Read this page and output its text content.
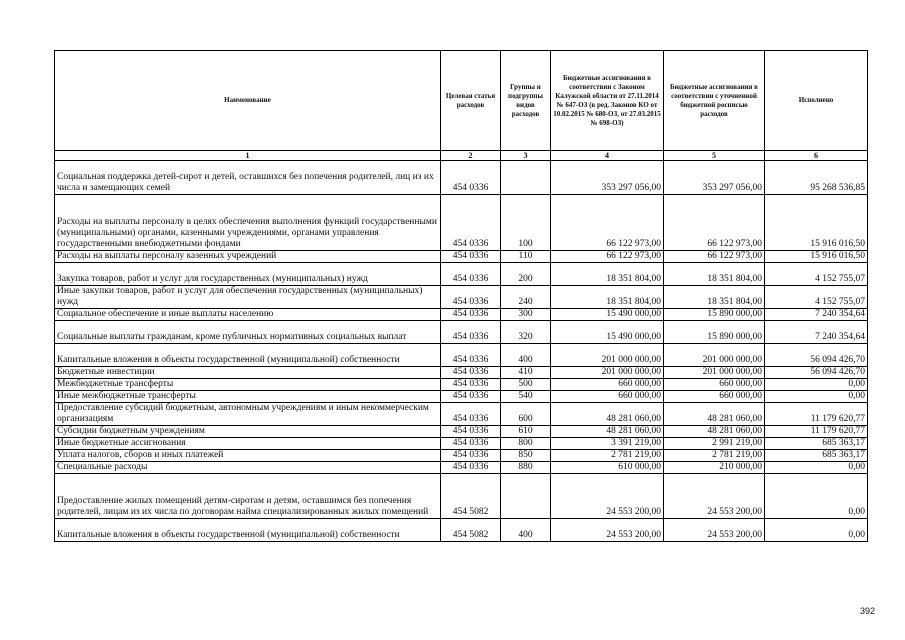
Наименование	Целевая статья расходов	Группы и подгруппы видов расходов	Бюджетные ассигнования в соответствии с Законом Калужской области от 27.11.2014 № 647-ОЗ (в ред. Законов КО от 10.02.2015 № 680-ОЗ, от 27.03.2015 № 698-ОЗ)	Бюджетные ассигнования в соответствии с уточненной бюджетной росписью расходов	Исполнено
1	2	3	4	5	6
Социальная поддержка детей-сирот и детей, оставшихся без попечения родителей, лиц из их числа и замещающих семей	454 0336		353 297 056,00	353 297 056,00	95 268 536,85
Расходы на выплаты персоналу в целях обеспечения выполнения функций государственными (муниципальными) органами, казенными учреждениями, органами управления государственными внебюджетными фондами	454 0336	100	66 122 973,00	66 122 973,00	15 916 016,50
Расходы на выплаты персоналу казенных учреждений	454 0336	110	66 122 973,00	66 122 973,00	15 916 016,50
Закупка товаров, работ и услуг для государственных (муниципальных) нужд	454 0336	200	18 351 804,00	18 351 804,00	4 152 755,07
Иные закупки товаров, работ и услуг для обеспечения государственных (муниципальных) нужд	454 0336	240	18 351 804,00	18 351 804,00	4 152 755,07
Социальное обеспечение и иные выплаты населению	454 0336	300	15 490 000,00	15 890 000,00	7 240 354,64
Социальные выплаты гражданам, кроме публичных нормативных социальных выплат	454 0336	320	15 490 000,00	15 890 000,00	7 240 354,64
Капитальные вложения в объекты государственной (муниципальной) собственности	454 0336	400	201 000 000,00	201 000 000,00	56 094 426,70
Бюджетные инвестиции	454 0336	410	201 000 000,00	201 000 000,00	56 094 426,70
Межбюджетные трансферты	454 0336	500	660 000,00	660 000,00	0,00
Иные межбюджетные трансферты	454 0336	540	660 000,00	660 000,00	0,00
Предоставление субсидий бюджетным, автономным учреждениям и иным некоммерческим организациям	454 0336	600	48 281 060,00	48 281 060,00	11 179 620,77
Субсидии бюджетным учреждениям	454 0336	610	48 281 060,00	48 281 060,00	11 179 620,77
Иные бюджетные ассигнования	454 0336	800	3 391 219,00	2 991 219,00	685 363,17
Уплата налогов, сборов и иных платежей	454 0336	850	2 781 219,00	2 781 219,00	685 363,17
Специальные расходы	454 0336	880	610 000,00	210 000,00	0,00
Предоставление жилых помещений детям-сиротам и детям, оставшимся без попечения родителей, лицам из их числа по договорам найма специализированных жилых помещений	454 5082		24 553 200,00	24 553 200,00	0,00
Капитальные вложения в объекты государственной (муниципальной) собственности	454 5082	400	24 553 200,00	24 553 200,00	0,00
392
